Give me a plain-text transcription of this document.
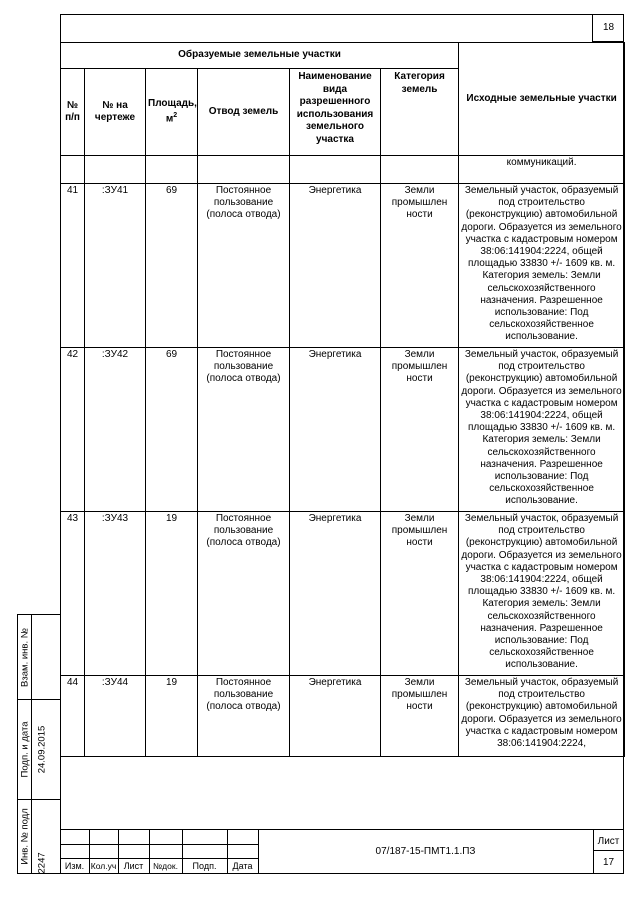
18
Образуемые земельные участки						Исходные земельные участки
№ п/п	№ на чертеже	Площадь, $м^2$	Отвод земель	Наименование вида разрешенного использования земельного участка	Категория земель	
						коммуникаций.
41	:ЗУ41	69	Постоянное пользование (полоса отвода)	Энергетика	Земли промышлен ности	Земельный участок, образуемый под строительство (реконструкцию) автомобильной дороги. Образуется из земельного участка с кадастровым номером 38:06:141904:2224, общей площадью 33830 +/- 1609 кв. м. Категория земель: Земли сельскохозяйственного назначения. Разрешенное использование: Под сельскохозяйственное использование.
42	:ЗУ42	69	Постоянное пользование (полоса отвода)	Энергетика	Земли промышлен ности	Земельный участок, образуемый под строительство (реконструкцию) автомобильной дороги. Образуется из земельного участка с кадастровым номером 38:06:141904:2224, общей площадью 33830 +/- 1609 кв. м. Категория земель: Земли сельскохозяйственного назначения. Разрешенное использование: Под сельскохозяйственное использование.
43	:ЗУ43	19	Постоянное пользование (полоса отвода)	Энергетика	Земли промышлен ности	Земельный участок, образуемый под строительство (реконструкцию) автомобильной дороги. Образуется из земельного участка с кадастровым номером 38:06:141904:2224, общей площадью 33830 +/- 1609 кв. м. Категория земель: Земли сельскохозяйственного назначения. Разрешенное использование: Под сельскохозяйственное использование.
44	:ЗУ44	19	Постоянное пользование (полоса отвода)	Энергетика	Земли промышлен ности	Земельный участок, образуемый под строительство (реконструкцию) автомобильной дороги. Образуется из земельного участка с кадастровым номером 38:06:141904:2224,
Взам. инв. №
Подп. и дата 24.09.2015
Инв. № подл 2247	Изм. Кол.уч Лист	№док.	Подп.	Дата
07/187-15-ПМТ1.1.ПЗ
Лист
17
